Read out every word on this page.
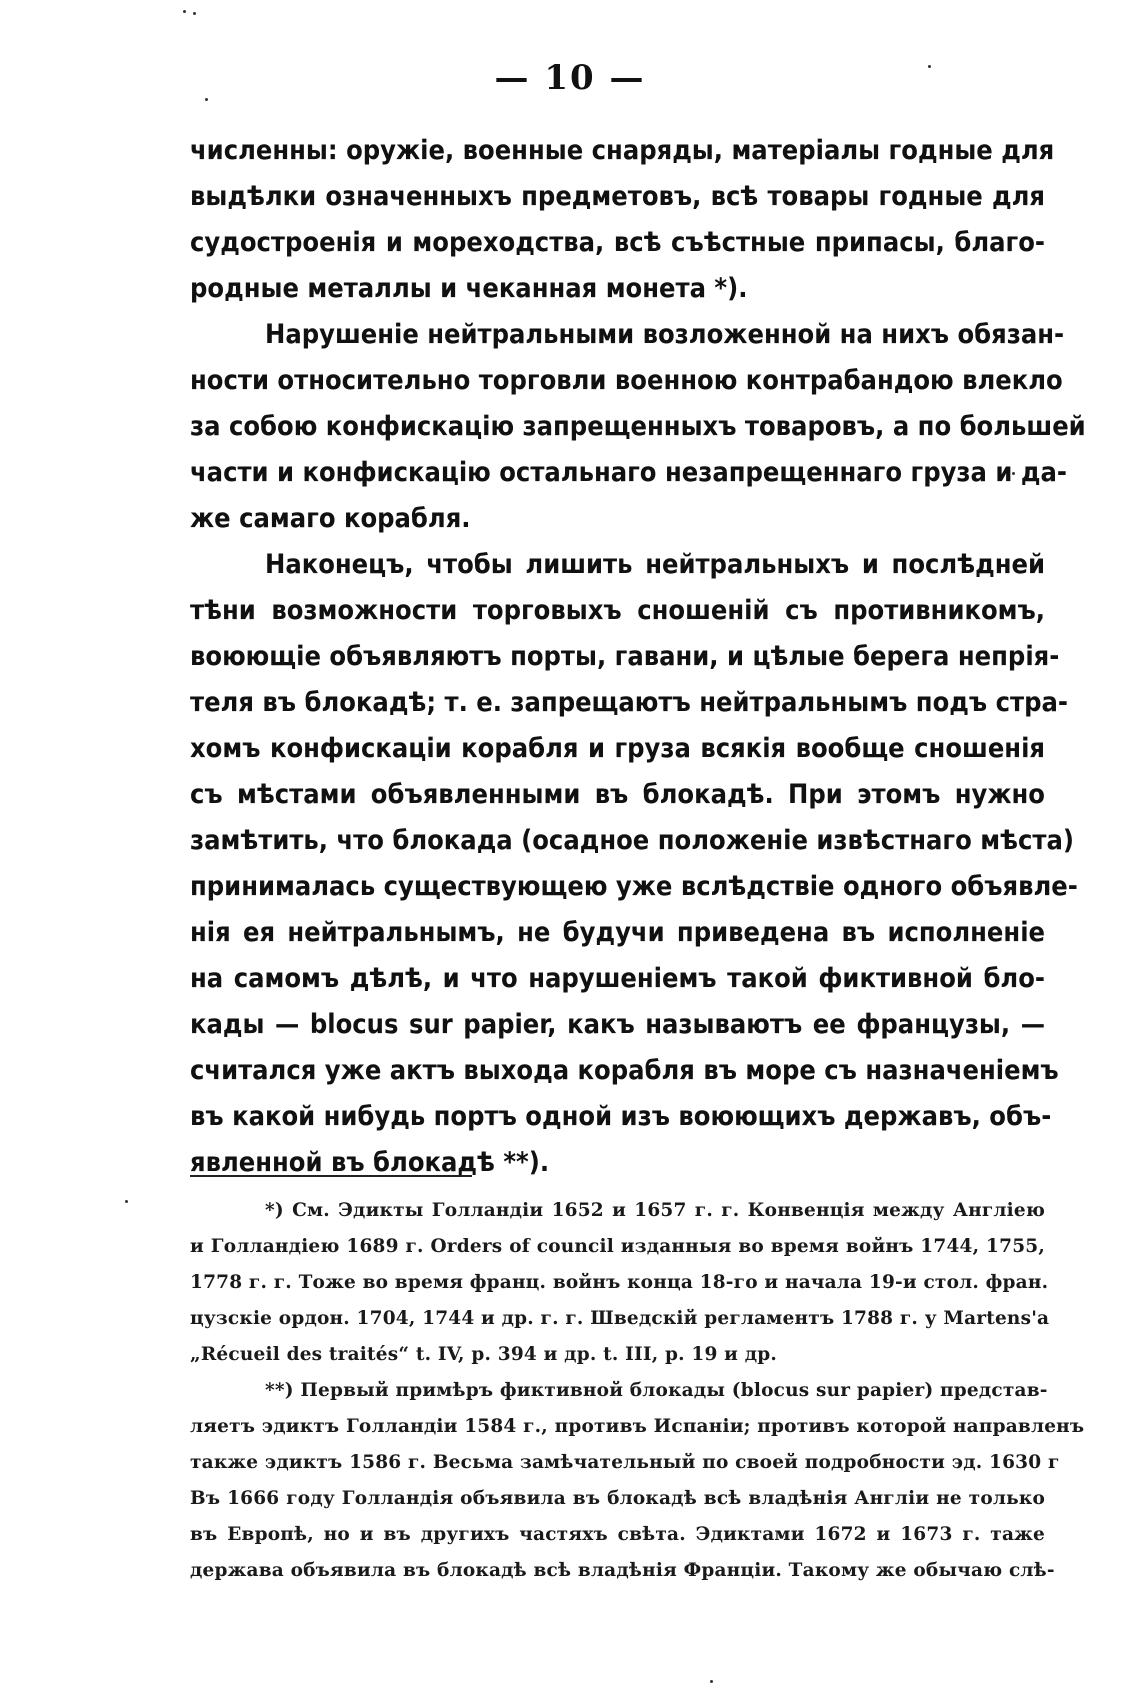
— 10 —

численны: оружіе, военные снаряды, матеріалы годные для
выдѣлки означенныхъ предметовъ, всѣ товары годные для
судостроенія и мореходства, всѣ съѣстные припасы, благо-
родные металлы и чеканная монета *).

Нарушеніе нейтральными возложенной на нихъ обязан-
ности относительно торговли военною контрабандою влекло
за собою конфискацію запрещенныхъ товаровъ, а по большей
части и конфискацію остальнаго незапрещеннаго груза и да-
же самаго корабля.

Наконецъ, чтобы лишить нейтральныхъ и послѣдней
тѣни возможности торговыхъ сношеній съ противникомъ,
воюющіе объявляютъ порты, гавани, и цѣлые берега непрія-
теля въ блокадѣ; т. е. запрещаютъ нейтральнымъ подъ стра-
хомъ конфискаціи корабля и груза всякія вообще сношенія
съ мѣстами объявленными въ блокадѣ. При этомъ нужно
замѣтить, что блокада (осадное положеніе извѣстнаго мѣста)
принималась существующею уже вслѣдствіе одного объявле-
нія ея нейтральнымъ, не будучи приведена въ исполненіе
на самомъ дѣлѣ, и что нарушеніемъ такой фиктивной бло-
кады — blocus sur papier, какъ называютъ ее французы, —
считался уже актъ выхода корабля въ море съ назначеніемъ
въ какой нибудь портъ одной изъ воюющихъ державъ, объ-
явленной въ блокадѣ **).

*) См. Эдикты Голландіи 1652 и 1657 г. г. Конвенція между Англіею
и Голландіею 1689 г. Orders of council изданныя во время войнъ 1744, 1755,
1778 г. г. Тоже во время франц. войнъ конца 18-го и начала 19-и стол. фран.
цузскіе ордон. 1704, 1744 и др. г. г. Шведскій регламентъ 1788 г. у Martens'а
„Récueil des traités“ t. IV, p. 394 и др. t. III, p. 19 и др.
**) Первый примѣръ фиктивной блокады (blocus sur papier) представ-
ляетъ эдиктъ Голландіи 1584 г., противъ Испаніи; противъ которой направленъ
также эдиктъ 1586 г. Весьма замѣчательный по своей подробности эд. 1630 г
Въ 1666 году Голландія объявила въ блокадѣ всѣ владѣнія Англіи не только
въ Европѣ, но и въ другихъ частяхъ свѣта. Эдиктами 1672 и 1673 г. таже
держава объявила въ блокадѣ всѣ владѣнія Франціи. Такому же обычаю слѣ-
